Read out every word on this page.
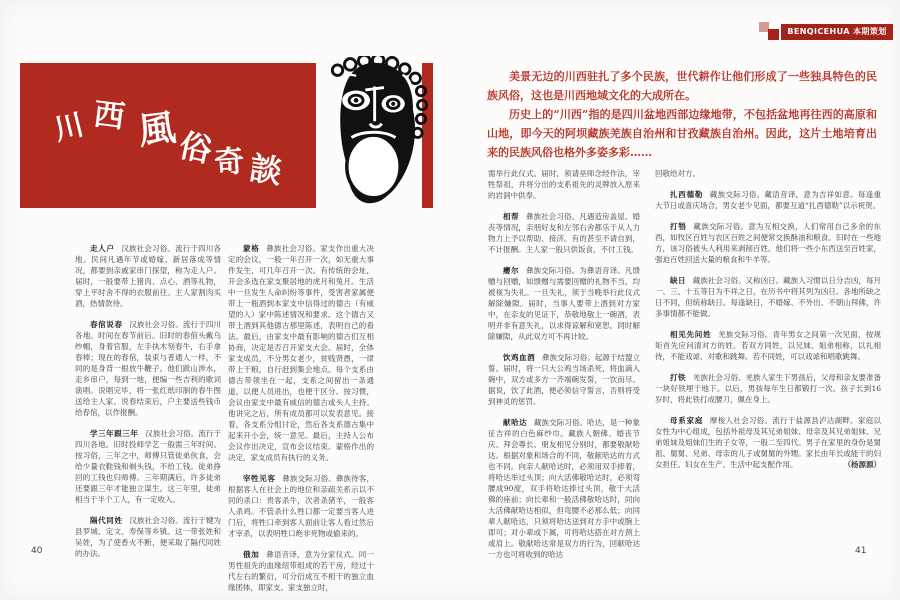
BENQICEHUA 本期策划
川 西 風
俗
奇 談

美景无边的川西驻扎了多个民族，世代耕作让他们形成了一些独具特色的民族风俗，这也是川西地域文化的大成所在。

历史上的“川西”指的是四川盆地西部边缘地带，不包括盆地再往西的高原和山地，即今天的阿坝藏族羌族自治州和甘孜藏族自治州。因此，这片土地培育出来的民族风俗也格外多姿多彩……

走人户 汉族社会习俗。流行于四川各地。民间凡遇年节或婚嫁、新居落成等情况，都要到亲戚家串门探望，称为走人户。届时，一般要带上猪肉、点心、酒等礼物，穿上平时舍不得的衣服前往。主人家割肉买酒，热情款待。

春倌说春 汉族社会习俗。流行于四川各地。时间在春节前后。旧时的春倌头戴乌纱帽，身着官服，左手执木刻春牛，右手拿春棒；现在的春倌，装束与普通人一样，不同的是身背一根放牛鞭子。他们跋山涉水，走乡串户，每到一地，便编一些吉利的歌词演唱。说唱完毕，将一张红纸印制的春牛图送给主人家。说春结束后，户主要送些钱币给春倌，以作报酬。

学三年跟三年 汉族社会习俗。流行于四川各地。旧时投师学艺一般需三年时间。按习俗，三年之中，师傅只管徒弟伙食，会给少量衣鞋钱和剃头钱，不给工钱。徒弟挣回的工钱也归师傅。三年期满后，许多徒弟还要跟三年才能独立谋生。这三年里，徒弟相当于半个工人，有一定收入。

隔代同姓 汉族社会习俗。流行于犍为县罗城、定文、寿保等乡镇。这一带张姓和吴姓，为了使香火不断，便采取了隔代同姓的办法。

蒙格 彝族社会习俗。家支作出重大决定的会议，一般一年召开一次，如无重大事件发生，可几年召开一次。有传统的会址，开会多选在家支聚居地的虎月和兔月。生活中一旦发生人命纠纷等事件，受害者家属便带上一瓶酒到本家支中信得过的德古（有威望的人）家中陈述情况和要求。这个德古又带上酒到其他德古那里陈述，表明自己的看法。最后，由家支中最有影响的德古们互相协商，决定是否召开家支大会。届时，全体家支成员，不分男女老少，贫贱贤愚，一律带上干粮，自行赶到集会地点。每个支系由德古带领坐在一起，支系之间留出一条通道，以便人员进出，也便于区分。按习惯，会议由家支中最有威信的德古或头人主持。他讲完之后，所有成员都可以发表意见。接着，各支系分组讨论，然后各支系德古集中起来开小会，统一意见。最后，主持人公布会议作出决定，宣布会议结束。蒙格作出的决定，家支成员有执行的义务。

宰牲见客 彝族交际习俗。彝族待客，根据客人在社会上的地位和亲疏关系示以不同的杀口：贵客杀牛，次者杀猪羊，一般客人杀鸡。不管杀什么牲口都一定要当客人进门后，将牲口牵到客人面前让客人看过然后才宰杀，以表明牲口绝非死物或偷来的。

俄加 彝语音译，意为分家仪式。同一男性祖先的血缘纽带组成的若干房，经过十代左右的繁衍，可分衍成互不相干的独立血缘团体，即家支。家支独立时，

需举行此仪式。届时，须请巫师念经作法，宰牲祭祖，并将分出的支系祖先的灵牌放入原来的岩洞中供奉。

相帮 彝族社会习俗。凡遇造房盖屋、婚丧等情况，亲朋好友和左邻右舍都乐于从人力物力上予以帮助、接济。有的甚至不请自到，不计报酬。主人家一般只供饭食，不付工钱。

瘿尔 彝族交际习俗。为彝语音译。凡馈赠与回赠，如馈赠与需要回赠的礼物不当，均被视为失礼。一旦失礼，须于当晚举行此仪式解除嫌隙。届时，当事人要带上酒到对方家中，在亲友的见证下，恭敬地敬上一碗酒，表明并非有意失礼，以求得谅解和宽恕。同时解除嫌隙，从此双方可不再计较。

饮鸡血酒 彝族交际习俗。起源于结盟立誓。届时，将一只大公鸡当场杀死，将血滴入碗中，双方或多方一齐端碗发誓，一饮而尽。据说，饮了此酒，便必须信守誓言，否则将受到神灵的惩罚。

献哈达 藏族交际习俗。哈达，是一种象征吉祥的白色麻纱巾。藏族人朝佛、婚丧节庆、拜会尊长、朋友相见分别时，都要敬献哈达。根据对象和场合的不同，敬献哈达的方式也不同。向亲人献哈达时，必须用双手捧着，将哈达举过头顶；向大活佛敬哈达时，必须弯腰成90度，双手将哈达捧过头顶，敬于大活佛的座前；向长辈和一般活佛敬哈达时，同向大活佛献哈达相似，但弯腰不必那么低；向同辈人献哈达，只须将哈达送到对方手中或腕上即可；对小辈或下属，可将哈达搭在对方颈上或肩上。敬献哈达常是双方的行为，回献哈达一方也可将收到的哈达

回敬给对方。

扎西德勒 藏族交际习俗。藏语音译，意为吉祥如意。每逢重大节日或喜庆场合，男女老少见面，都要互道“扎西德勒”以示祝贺。

打牾 藏族交际习俗。意为互相交换，人们常用自己多余的东西，如牧区百姓与农区百姓之间便常交换酥油和粮食。旧时在一些地方，该习俗被头人利用来剥削百姓。他们将一些小东西送至百姓家，强迫百姓回送大量的粮食和牛羊等。

缺日 藏族社会习俗。又称凶日。藏族人习惯以日分吉凶，每月一、三、十五等日为不祥之日，在历书中将其列为凶日。各地所缺之日不同，但统称缺日。每逢缺日，不婚嫁、不外出、不朝山拜佛，许多事情都不能做。

相见先问姓 羌族交际习俗。青年男女之间第一次见面，按规矩首先应问清对方的姓。若双方同姓，以兄妹、姐弟相称，以礼相待，不能戏谑、对歌和跳舞。若不同姓，可以戏谑和唱歌跳舞。

打铁 羌族社会习俗。羌族人家生下男孩后，父母和亲友要准备一块好铁埋于地下。以后，男孩每年生日都锻打一次。孩子长到16岁时，将此铁打成腰刀，佩在身上。

母系家庭 摩梭人社会习俗。流行于盐源县泸沽湖畔。家庭以女性为中心组成，包括外祖母及其兄弟姐妹、母亲及其兄弟姐妹、兄弟姐妹及姐妹们生的子女等，一般二至四代。男子在家里的身份是舅祖、舅舅、兄弟、母亲的儿子或舅舅的外甥。家长由年长或能干的妇女担任。妇女在生产、生活中起支配作用。	（杨源源）

40	41
